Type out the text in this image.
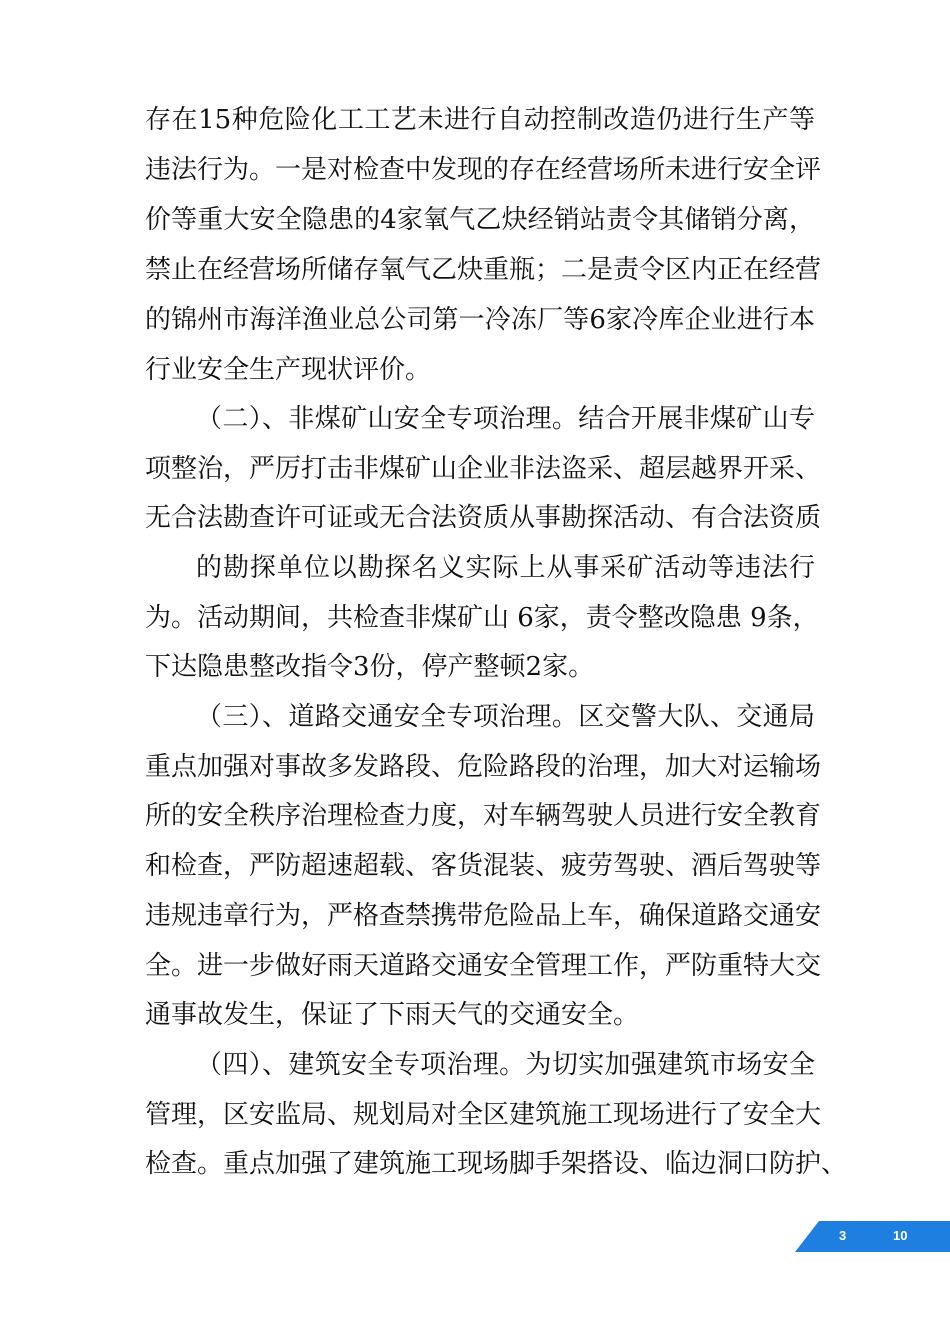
存在15种危险化工工艺未进行自动控制改造仍进行生产等
违法行为。一是对检查中发现的存在经营场所未进行安全评
价等重大安全隐患的4家氧气乙炔经销站责令其储销分离，
禁止在经营场所储存氧气乙炔重瓶；二是责令区内正在经营
的锦州市海洋渔业总公司第一冷冻厂等6家冷库企业进行本
行业安全生产现状评价。
（二）、非煤矿山安全专项治理。结合开展非煤矿山专
项整治，严厉打击非煤矿山企业非法盗采、超层越界开采、
无合法勘查许可证或无合法资质从事勘探活动、有合法资质
的勘探单位以勘探名义实际上从事采矿活动等违法行
为。活动期间，共检查非煤矿山 6家，责令整改隐患 9条，
下达隐患整改指令3份，停产整顿2家。
（三）、道路交通安全专项治理。区交警大队、交通局
重点加强对事故多发路段、危险路段的治理，加大对运输场
所的安全秩序治理检查力度，对车辆驾驶人员进行安全教育
和检查，严防超速超载、客货混装、疲劳驾驶、酒后驾驶等
违规违章行为，严格查禁携带危险品上车，确保道路交通安
全。进一步做好雨天道路交通安全管理工作，严防重特大交
通事故发生，保证了下雨天气的交通安全。
（四）、建筑安全专项治理。为切实加强建筑市场安全
管理，区安监局、规划局对全区建筑施工现场进行了安全大
检查。重点加强了建筑施工现场脚手架搭设、临边洞口防护、
3	10
